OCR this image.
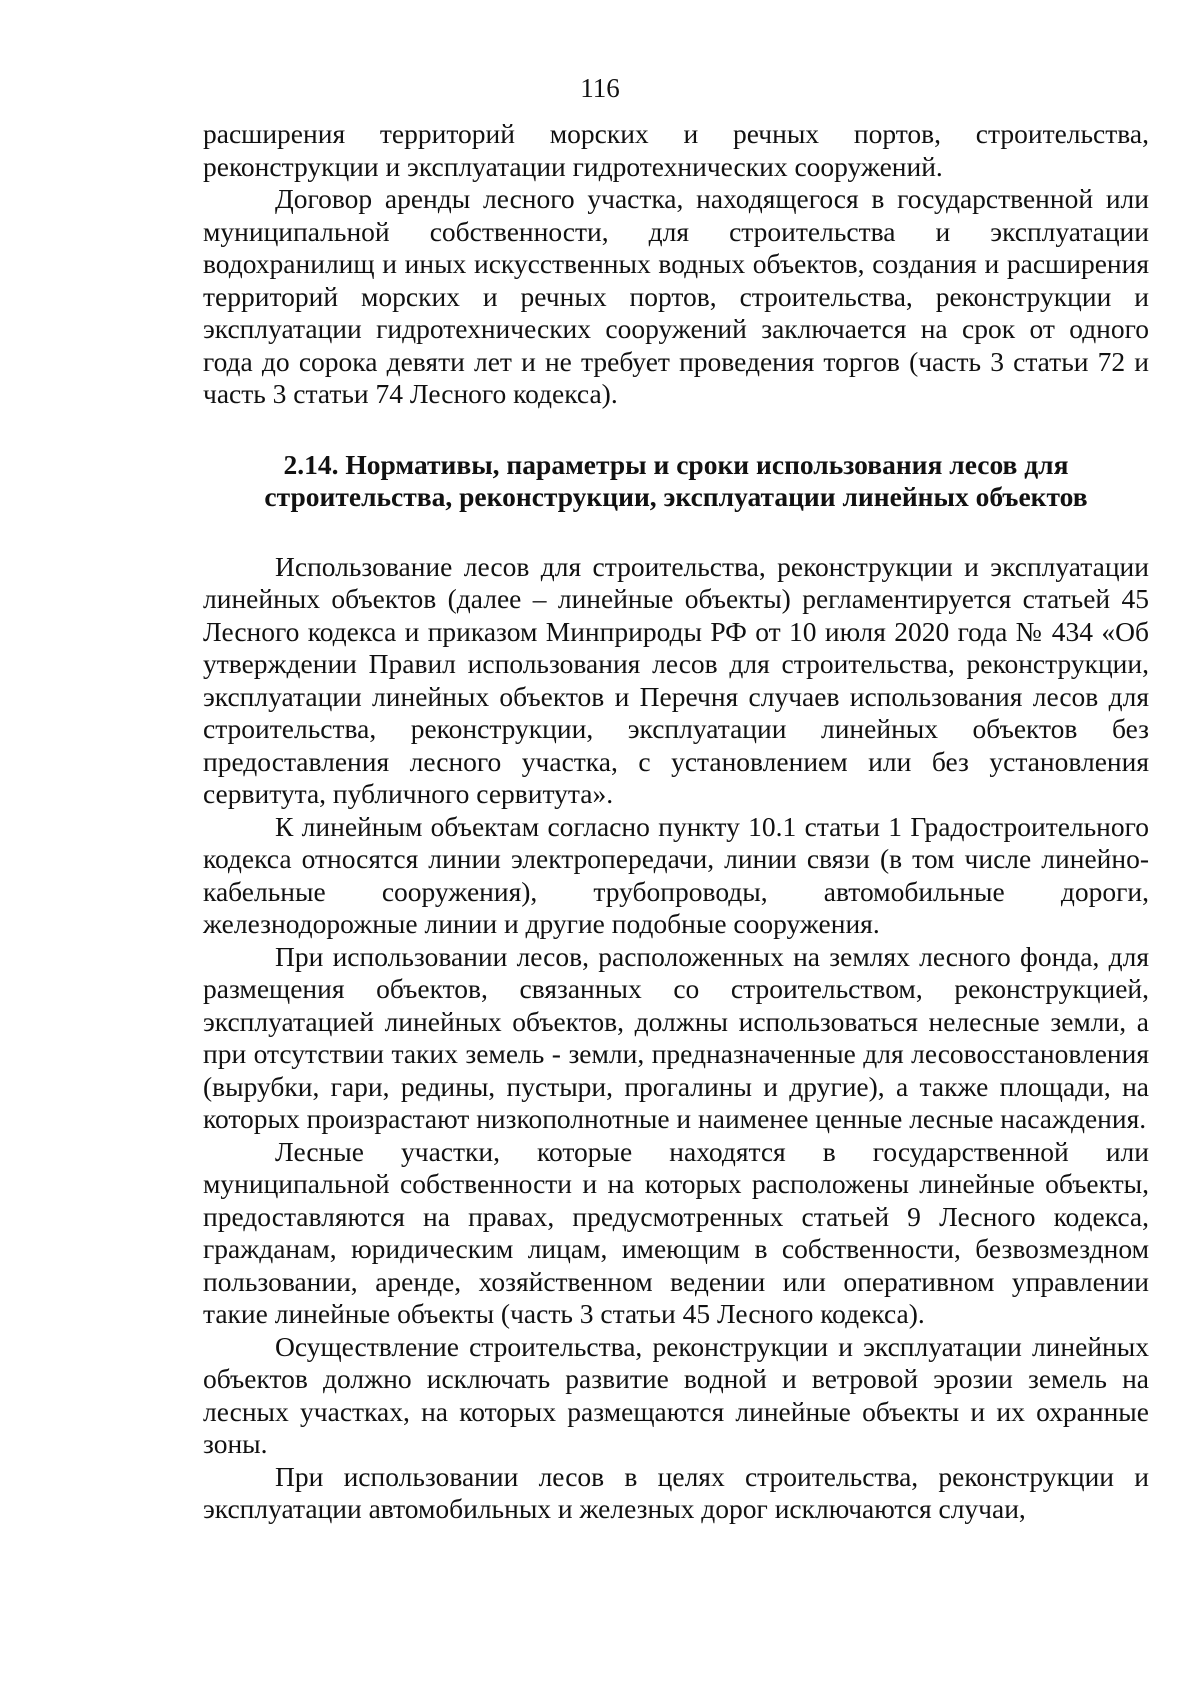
116

расширения территорий морских и речных портов, строительства, реконструкции и эксплуатации гидротехнических сооружений.

Договор аренды лесного участка, находящегося в государственной или муниципальной собственности, для строительства и эксплуатации водохранилищ и иных искусственных водных объектов, создания и расширения территорий морских и речных портов, строительства, реконструкции и эксплуатации гидротехнических сооружений заключается на срок от одного года до сорока девяти лет и не требует проведения торгов (часть 3 статьи 72 и часть 3 статьи 74 Лесного кодекса).

2.14. Нормативы, параметры и сроки использования лесов для
строительства, реконструкции, эксплуатации линейных объектов

Использование лесов для строительства, реконструкции и эксплуатации линейных объектов (далее – линейные объекты) регламентируется статьей 45 Лесного кодекса и приказом Минприроды РФ от 10 июля 2020 года № 434 «Об утверждении Правил использования лесов для строительства, реконструкции, эксплуатации линейных объектов и Перечня случаев использования лесов для строительства, реконструкции, эксплуатации линейных объектов без предоставления лесного участка, с установлением или без установления сервитута, публичного сервитута».

К линейным объектам согласно пункту 10.1 статьи 1 Градостроительного кодекса относятся линии электропередачи, линии связи (в том числе линейно-кабельные сооружения), трубопроводы, автомобильные дороги, железнодорожные линии и другие подобные сооружения.

При использовании лесов, расположенных на землях лесного фонда, для размещения объектов, связанных со строительством, реконструкцией, эксплуатацией линейных объектов, должны использоваться нелесные земли, а при отсутствии таких земель - земли, предназначенные для лесовосстановления (вырубки, гари, редины, пустыри, прогалины и другие), а также площади, на которых произрастают низкополнотные и наименее ценные лесные насаждения.

Лесные участки, которые находятся в государственной или муниципальной собственности и на которых расположены линейные объекты, предоставляются на правах, предусмотренных статьей 9 Лесного кодекса, гражданам, юридическим лицам, имеющим в собственности, безвозмездном пользовании, аренде, хозяйственном ведении или оперативном управлении такие линейные объекты (часть 3 статьи 45 Лесного кодекса).

Осуществление строительства, реконструкции и эксплуатации линейных объектов должно исключать развитие водной и ветровой эрозии земель на лесных участках, на которых размещаются линейные объекты и их охранные зоны.

При использовании лесов в целях строительства, реконструкции и эксплуатации автомобильных и железных дорог исключаются случаи,
